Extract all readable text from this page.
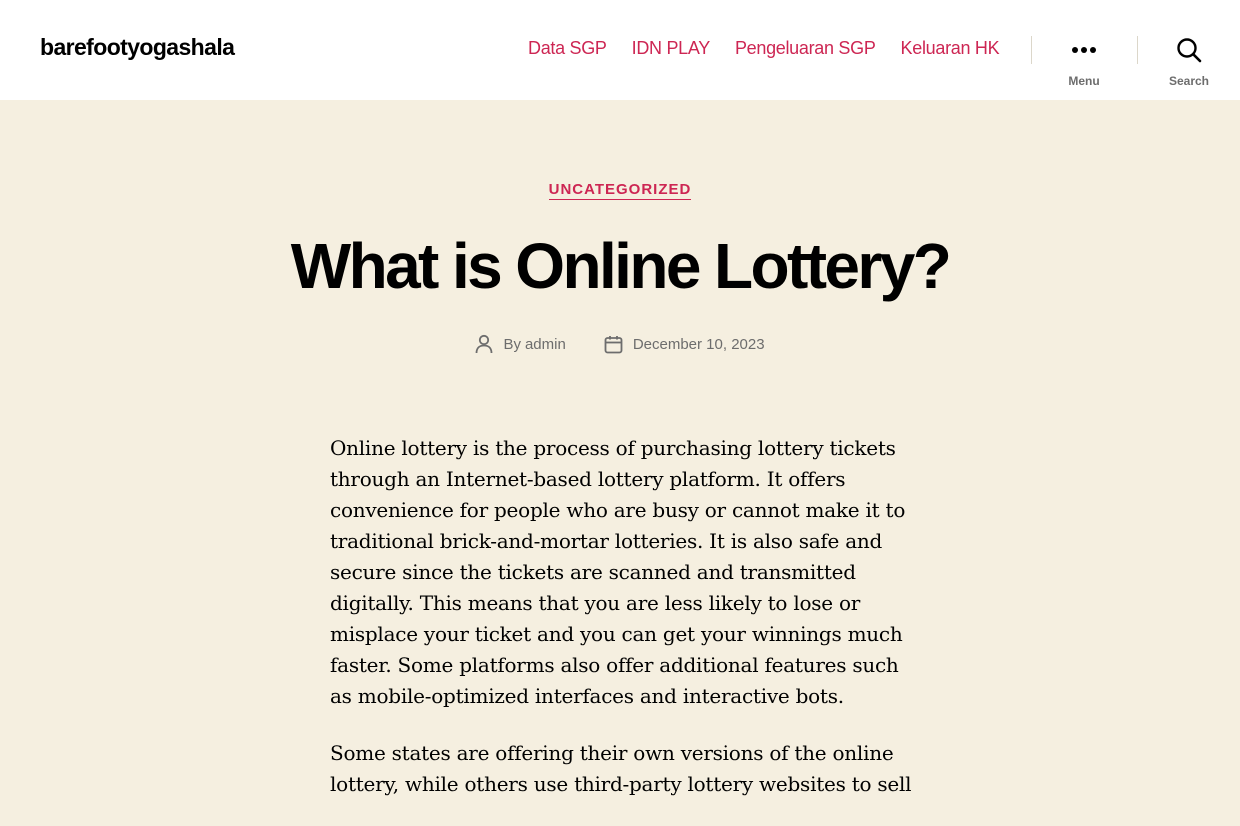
barefootyogashala	Data SGP IDN PLAY Pengeluaran SGP Keluaran HK
Menu	Search
UNCATEGORIZED
What is Online Lottery?
By admin	December 10, 2023

Online lottery is the process of purchasing lottery tickets through an Internet-based lottery platform. It offers convenience for people who are busy or cannot make it to traditional brick-and-mortar lotteries. It is also safe and secure since the tickets are scanned and transmitted digitally. This means that you are less likely to lose or misplace your ticket and you can get your winnings much faster. Some platforms also offer additional features such as mobile-optimized interfaces and interactive bots.

Some states are offering their own versions of the online lottery, while others use third-party lottery websites to sell
